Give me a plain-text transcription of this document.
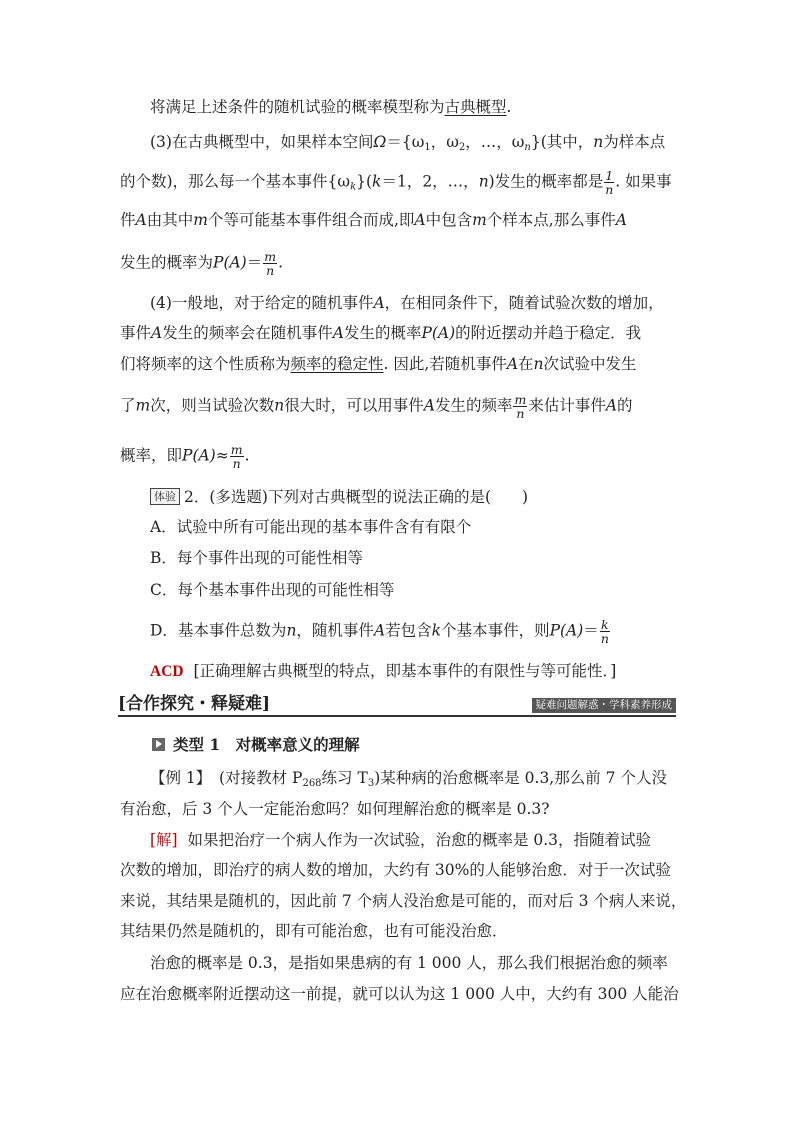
将满足上述条件的随机试验的概率模型称为古典概型.
(3)在古典概型中，如果样本空间$\Omega=\{\omega_1$，$\omega_2$，…，$\omega_n$}(其中，n为样本点
的个数)，那么每一个基本事件$\{\omega_k\}(k=1$，2，…，n)发生的概率都是 $\frac{1}{n}$ . 如果事
件A由其中m个等可能基本事件组合而成,即A中包含m个样本点,那么事件A
发生的概率为$P(A)= \frac{m}{n}$ .
(4)一般地，对于给定的随机事件A，在相同条件下，随着试验次数的增加，
事件A发生的频率会在随机事件A发生的概率P(A)的附近摆动并趋于稳定．我
们将频率的这个性质称为频率的稳定性. 因此,若随机事件A在n次试验中发生
了m次，则当试验次数n很大时，可以用事件A发生的频率 $\frac{m}{n}$ 来估计事件A的
概率，即$P(A)\approx \frac{m}{n}$ .
体验 2．(多选题)下列对古典概型的说法正确的是(　　)
A．试验中所有可能出现的基本事件含有有限个
B．每个事件出现的可能性相等
C．每个基本事件出现的可能性相等
D．基本事件总数为n，随机事件A若包含k个基本事件，则$P(A)= \frac{k}{n}$
ACD [正确理解古典概型的特点，即基本事件的有限性与等可能性．]
[合作探究・释疑难]	疑难问题解惑・学科素养形成
类型 1　对概率意义的理解
【例 1】　(对接教材 $P_{268}$练习 $T_3$)某种病的治愈概率是 0.3,那么前 7 个人没
有治愈，后 3 个人一定能治愈吗？如何理解治愈的概率是 0.3?
[解] 如果把治疗一个病人作为一次试验，治愈的概率是 0.3，指随着试验
次数的增加，即治疗的病人数的增加，大约有 30%的人能够治愈．对于一次试验
来说，其结果是随机的，因此前 7 个病人没治愈是可能的，而对后 3 个病人来说，
其结果仍然是随机的，即有可能治愈，也有可能没治愈．
治愈的概率是 0.3，是指如果患病的有 1 000 人，那么我们根据治愈的频率
应在治愈概率附近摆动这一前提，就可以认为这 1 000 人中，大约有 300 人能治
